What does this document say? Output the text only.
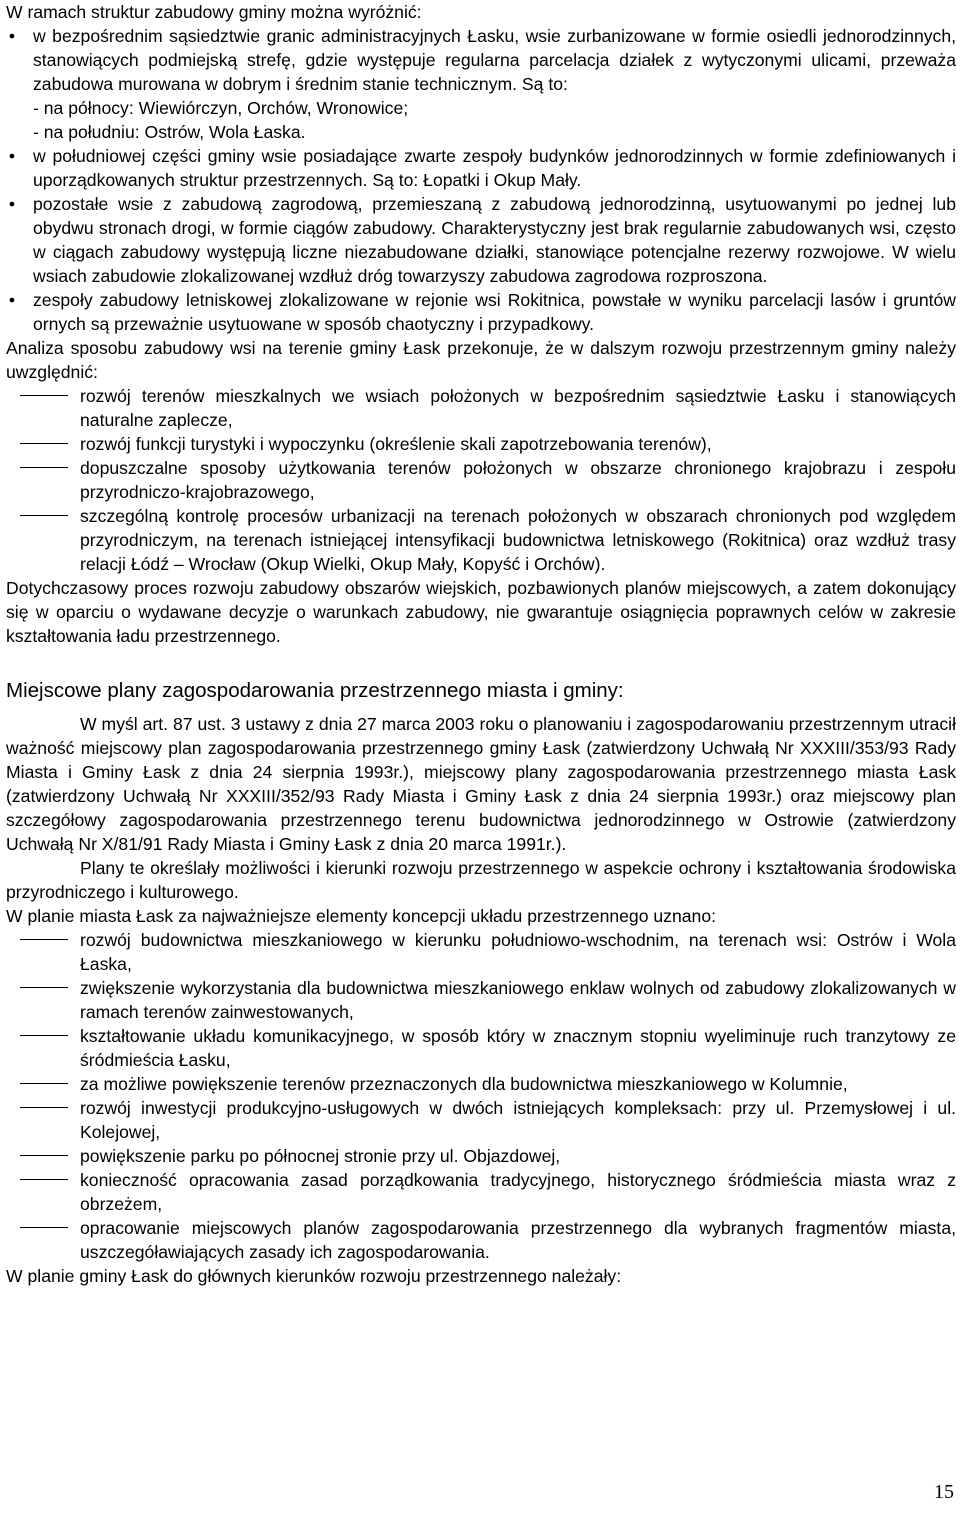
W ramach struktur zabudowy gminy można wyróżnić:

• w bezpośrednim sąsiedztwie granic administracyjnych Łasku, wsie zurbanizowane w formie osiedli jednorodzinnych, stanowiących podmiejską strefę, gdzie występuje regularna parcelacja działek z wytyczonymi ulicami, przeważa zabudowa murowana w dobrym i średnim stanie technicznym. Są to:
- na północy: Wiewiórczyn, Orchów, Wronowice;
- na południu: Ostrów, Wola Łaska.
• w południowej części gminy wsie posiadające zwarte zespoły budynków jednorodzinnych w formie zdefiniowanych i uporządkowanych struktur przestrzennych. Są to: Łopatki i Okup Mały.
• pozostałe wsie z zabudową zagrodową, przemieszaną z zabudową jednorodzinną, usytuowanymi po jednej lub obydwu stronach drogi, w formie ciągów zabudowy. Charakterystyczny jest brak regularnie zabudowanych wsi, często w ciągach zabudowy występują liczne niezabudowane działki, stanowiące potencjalne rezerwy rozwojowe. W wielu wsiach zabudowie zlokalizowanej wzdłuż dróg towarzyszy zabudowa zagrodowa rozproszona.
• zespoły zabudowy letniskowej zlokalizowane w rejonie wsi Rokitnica, powstałe w wyniku parcelacji lasów i gruntów ornych są przeważnie usytuowane w sposób chaotyczny i przypadkowy.

Analiza sposobu zabudowy wsi na terenie gminy Łask przekonuje, że w dalszym rozwoju przestrzennym gminy należy uwzględnić:

rozwój terenów mieszkalnych we wsiach położonych w bezpośrednim sąsiedztwie Łasku i stanowiących naturalne zaplecze,
rozwój funkcji turystyki i wypoczynku (określenie skali zapotrzebowania terenów),
dopuszczalne sposoby użytkowania terenów położonych w obszarze chronionego krajobrazu i zespołu przyrodniczo-krajobrazowego,
szczególną kontrolę procesów urbanizacji na terenach położonych w obszarach chronionych pod względem przyrodniczym, na terenach istniejącej intensyfikacji budownictwa letniskowego (Rokitnica) oraz wzdłuż trasy relacji Łódź – Wrocław (Okup Wielki, Okup Mały, Kopyść i Orchów).

Dotychczasowy proces rozwoju zabudowy obszarów wiejskich, pozbawionych planów miejscowych, a zatem dokonujący się w oparciu o wydawane decyzje o warunkach zabudowy, nie gwarantuje osiągnięcia poprawnych celów w zakresie kształtowania ładu przestrzennego.

Miejscowe plany zagospodarowania przestrzennego miasta i gminy:

W myśl art. 87 ust. 3 ustawy z dnia 27 marca 2003 roku o planowaniu i zagospodarowaniu przestrzennym utracił ważność miejscowy plan zagospodarowania przestrzennego gminy Łask (zatwierdzony Uchwałą Nr XXXIII/353/93 Rady Miasta i Gminy Łask z dnia 24 sierpnia 1993r.), miejscowy plany zagospodarowania przestrzennego miasta Łask (zatwierdzony Uchwałą Nr XXXIII/352/93 Rady Miasta i Gminy Łask z dnia 24 sierpnia 1993r.) oraz miejscowy plan szczegółowy zagospodarowania przestrzennego terenu budownictwa jednorodzinnego w Ostrowie (zatwierdzony Uchwałą Nr X/81/91 Rady Miasta i Gminy Łask z dnia 20 marca 1991r.).

Plany te określały możliwości i kierunki rozwoju przestrzennego w aspekcie ochrony i kształtowania środowiska przyrodniczego i kulturowego.

W planie miasta Łask za najważniejsze elementy koncepcji układu przestrzennego uznano:

rozwój budownictwa mieszkaniowego w kierunku południowo-wschodnim, na terenach wsi: Ostrów i Wola Łaska,
zwiększenie wykorzystania dla budownictwa mieszkaniowego enklaw wolnych od zabudowy zlokalizowanych w ramach terenów zainwestowanych,
kształtowanie układu komunikacyjnego, w sposób który w znacznym stopniu wyeliminuje ruch tranzytowy ze śródmieścia Łasku,
za możliwe powiększenie terenów przeznaczonych dla budownictwa mieszkaniowego w Kolumnie,
rozwój inwestycji produkcyjno-usługowych w dwóch istniejących kompleksach: przy ul. Przemysłowej i ul. Kolejowej,
powiększenie parku po północnej stronie przy ul. Objazdowej,
konieczność opracowania zasad porządkowania tradycyjnego, historycznego śródmieścia miasta wraz z obrzeżem,
opracowanie miejscowych planów zagospodarowania przestrzennego dla wybranych fragmentów miasta, uszczegóławiających zasady ich zagospodarowania.

W planie gminy Łask do głównych kierunków rozwoju przestrzennego należały:

15
